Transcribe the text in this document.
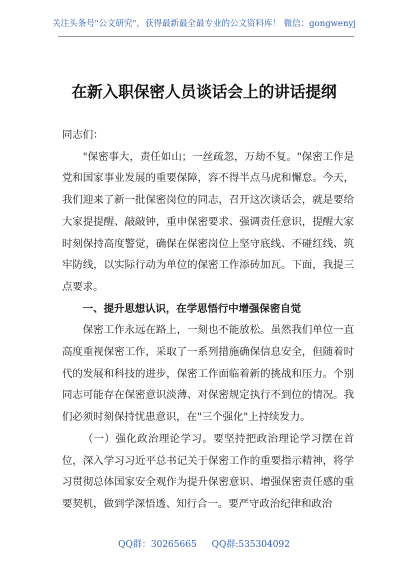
关注头条号"公文研究"，获得最新最全最专业的公文资料库！ 微信：gongwenyj
在新入职保密人员谈话会上的讲话提纲

同志们：

"保密事大，责任如山；一丝疏忽，万劫不复。"保密工作是党和国家事业发展的重要保障，容不得半点马虎和懈怠。今天，我们迎来了新一批保密岗位的同志，召开这次谈话会，就是要给大家提提醒、敲敲钟，重申保密要求、强调责任意识，提醒大家时刻保持高度警觉，确保在保密岗位上坚守底线、不碰红线、筑牢防线，以实际行动为单位的保密工作添砖加瓦。下面，我提三点要求。

一、提升思想认识，在学思悟行中增强保密自觉

保密工作永远在路上，一刻也不能放松。虽然我们单位一直高度重视保密工作，采取了一系列措施确保信息安全，但随着时代的发展和科技的进步，保密工作面临着新的挑战和压力。个别同志可能存在保密意识淡薄、对保密规定执行不到位的情况。我们必须时刻保持忧患意识，在"三个强化"上持续发力。

（一）强化政治理论学习。要坚持把政治理论学习摆在首位，深入学习习近平总书记关于保密工作的重要指示精神，将学习贯彻总体国家安全观作为提升保密意识、增强保密责任感的重要契机，做到学深悟透、知行合一。要严守政治纪律和政治

QQ群：30265665 QQ群:535304092
